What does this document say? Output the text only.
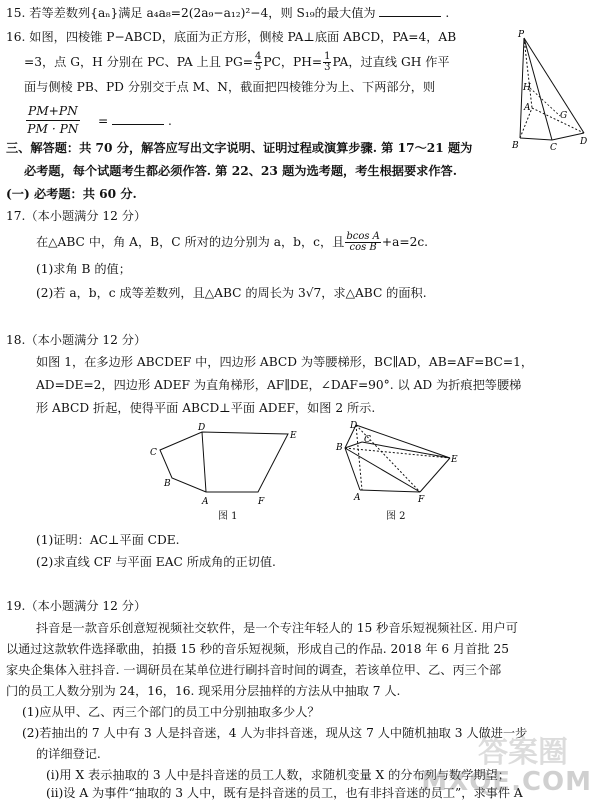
15. 若等差数列{aₙ}满足 a₄a₈=2(2a₉−a₁₂)²−4，则 S₁₉的最大值为	.
16. 如图，四棱锥 P−ABCD，底面为正方形，侧棱 PA⊥底面 ABCD，PA=4，AB
=3，点 G，H 分别在 PC、PA 上且 $PG= \frac{4}{5}$ PC，$PH= \frac{1}{3}$ PA，过直线 GH 作平
面与侧棱 PB、PD 分别交于点 M、N，截面把四棱锥分为上、下两部分，则
$\frac{PM+PN}{PM \cdot PN}$ =	.
P
B	C
D
A
H
G
三、解答题：共 70 分，解答应写出文字说明、证明过程或演算步骤. 第 17～21 题为
必考题，每个试题考生都必须作答. 第 22、23 题为选考题，考生根据要求作答.
(一) 必考题：共 60 分.
17.（本小题满分 12 分）
在△ABC 中，角 A，B，C 所对的边分别为 a，b，c，且 $\frac{\text{bcos A}}{\text{cos B}} +a=2c$.
(1)求角 B 的值；
(2)若 a，b，c 成等差数列，且△ABC 的周长为 3√7，求△ABC 的面积.
18.（本小题满分 12 分）
如图 1，在多边形 ABCDEF 中，四边形 ABCD 为等腰梯形，BC∥AD，AB=AF=BC=1，
AD=DE=2，四边形 ADEF 为直角梯形，AF∥DE，∠DAF=90°. 以 AD 为折痕把等腰梯
形 ABCD 折起，使得平面 ABCD⊥平面 ADEF，如图 2 所示.
C
D
E
B
A	F
图 1
D
B
C
E
A	F
图 2
(1)证明：AC⊥平面 CDE.
(2)求直线 CF 与平面 EAC 所成角的正切值.
19.（本小题满分 12 分）
抖音是一款音乐创意短视频社交软件，是一个专注年轻人的 15 秒音乐短视频社区. 用户可
以通过这款软件选择歌曲，拍摄 15 秒的音乐短视频，形成自己的作品. 2018 年 6 月首批 25
家央企集体入驻抖音. 一调研员在某单位进行刷抖音时间的调查，若该单位甲、乙、丙三个部
门的员工人数分别为 24，16，16. 现采用分层抽样的方法从中抽取 7 人.
(1)应从甲、乙、丙三个部门的员工中分别抽取多少人？
(2)若抽出的 7 人中有 3 人是抖音迷，4 人为非抖音迷，现从这 7 人中随机抽取 3 人做进一步
的详细登记.
(i)用 X 表示抽取的 3 人中是抖音迷的员工人数，求随机变量 X 的分布列与数学期望；
(ii)设 A 为事件“抽取的 3 人中，既有是抖音迷的员工，也有非抖音迷的员工”，求事件 A
答案圈
MXQE.COM
